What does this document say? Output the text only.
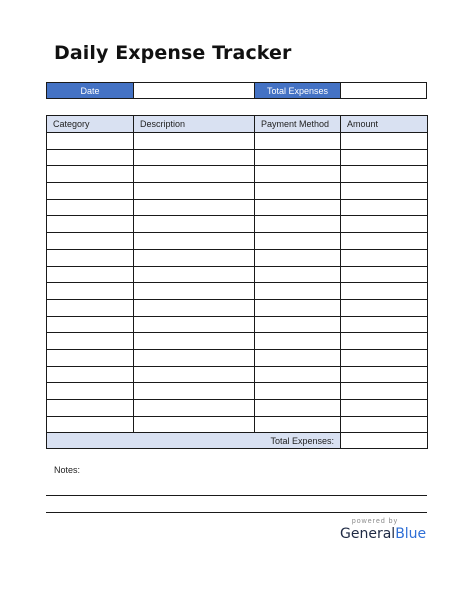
Daily Expense Tracker
Date	Total Expenses
Category	Description	Payment Method	Amount

Total Expenses:			
Notes:
powered by
GeneralBlue
